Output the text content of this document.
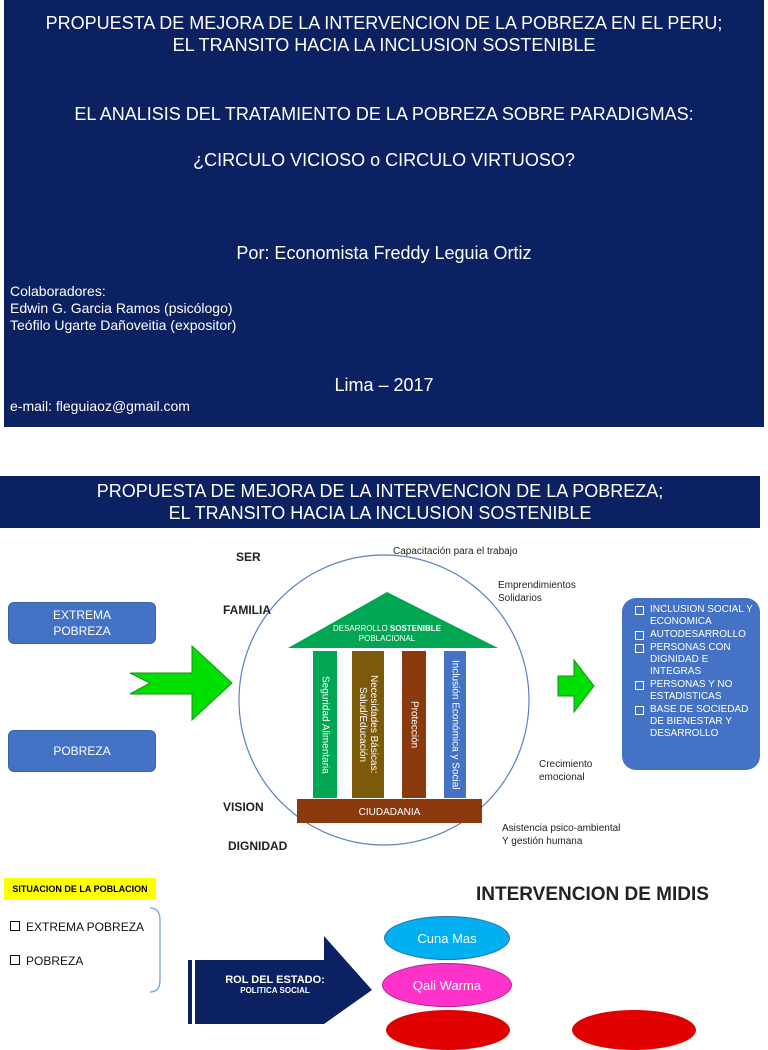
PROPUESTA DE MEJORA DE LA INTERVENCION DE LA POBREZA EN EL PERU;
EL TRANSITO HACIA LA INCLUSION SOSTENIBLE
EL ANALISIS DEL TRATAMIENTO DE LA POBREZA SOBRE PARADIGMAS:
¿CIRCULO VICIOSO o CIRCULO VIRTUOSO?
Por: Economista Freddy Leguia Ortiz
Colaboradores:
Edwin G. Garcia Ramos (psicólogo)
Teófilo Ugarte Dañoveitia (expositor)
Lima – 2017
e-mail: fleguiaoz@gmail.com
PROPUESTA DE MEJORA DE LA INTERVENCION DE LA POBREZA;
EL TRANSITO HACIA LA INCLUSION SOSTENIBLE
EXTREMA
POBREZA
POBREZA
SER
FAMILIA
VISION
DIGNIDAD
Capacitación para el trabajo
Emprendimientos
Solidarios
Crecimiento
emocional
Asistencia psico-ambiental
Y gestión humana
DESARROLLO SOSTENIBLE
POBLACIONAL
Seguridad Alimentaria	Necesidades Básicas:
Salud/Educación	Protección	Inclusión Económica y Social
CIUDADANIA
INCLUSION SOCIAL Y ECONOMICA
AUTODESARROLLO
PERSONAS CON DIGNIDAD E INTEGRAS
PERSONAS Y NO ESTADISTICAS
BASE DE SOCIEDAD DE BIENESTAR Y DESARROLLO
SITUACION DE LA POBLACION
EXTREMA POBREZA
POBREZA
ROL DEL ESTADO:
POLITICA SOCIAL
INTERVENCION DE MIDIS
Cuna Mas
Qali Warma
